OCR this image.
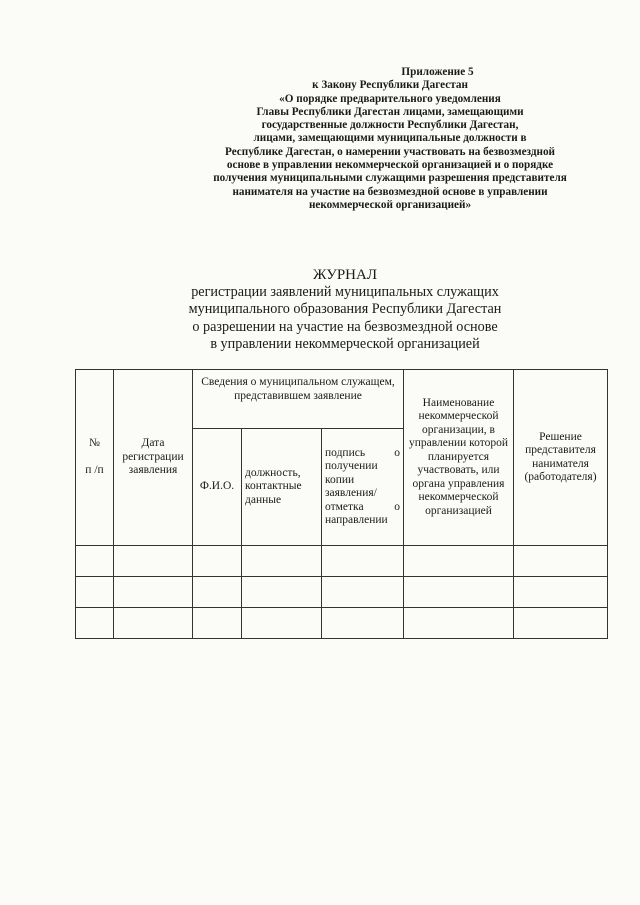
Приложение 5
к Закону Республики Дагестан
«О порядке предварительного уведомления
Главы Республики Дагестан лицами, замещающими
государственные должности Республики Дагестан,
лицами, замещающими муниципальные должности в
Республике Дагестан, о намерении участвовать на безвозмездной
основе в управлении некоммерческой организацией и о порядке
получения муниципальными служащими разрешения представителя
нанимателя на участие на безвозмездной основе в управлении
некоммерческой организацией»
ЖУРНАЛ
регистрации заявлений муниципальных служащих
муниципального образования Республики Дагестан
о разрешении на участие на безвозмездной основе
в управлении некоммерческой организацией
№

п /п	Дата регистрации заявления	Сведения о муниципальном служащем, представившем заявление			Наименование некоммерческой организации, в управлении которой планируется участвовать, или органа управления некоммерческой организацией	Решение представителя нанимателя (работодателя)
		Ф.И.О.	должность, контактные данные	подпись о получении копии заявления/ отметка о направлении		
